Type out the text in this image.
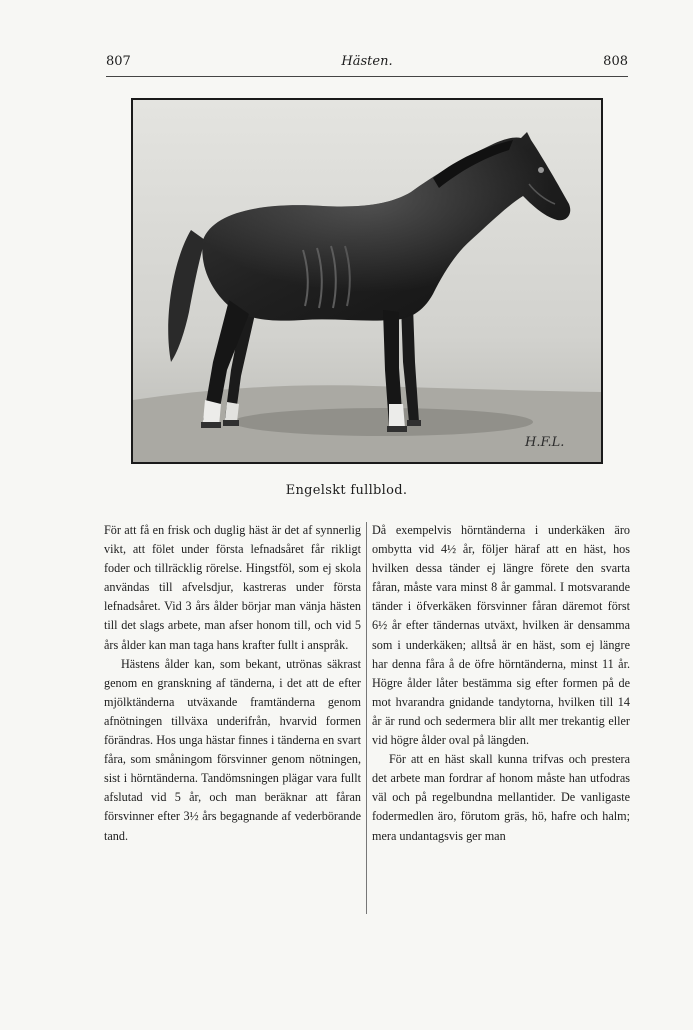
807	Hästen.	808
H.F.L.
Engelskt fullblod.

För att få en frisk och duglig häst är det af synnerlig vikt, att fölet under första lefnadsåret får rikligt foder och tillräcklig rörelse. Hingstföl, som ej skola användas till afvelsdjur, kastreras under första lefnadsåret. Vid 3 års ålder börjar man vänja hästen till det slags arbete, man afser honom till, och vid 5 års ålder kan man taga hans krafter fullt i anspråk.

Hästens ålder kan, som bekant, utrönas säkrast genom en granskning af tänderna, i det att de efter mjölktänderna utväxande framtänderna genom afnötningen tillväxa underifrån, hvarvid formen förändras. Hos unga hästar finnes i tänderna en svart fåra, som småningom försvinner genom nötningen, sist i hörntänderna. Tandömsningen plägar vara fullt afslutad vid 5 år, och man beräknar att fåran försvinner efter 3½ års begagnande af vederbörande tand.

Då exempelvis hörntänderna i underkäken äro ombytta vid 4½ år, följer häraf att en häst, hos hvilken dessa tänder ej längre förete den svarta fåran, måste vara minst 8 år gammal. I motsvarande tänder i öfverkäken försvinner fåran däremot först 6½ år efter tändernas utväxt, hvilken är densamma som i underkäken; alltså är en häst, som ej längre har denna fåra å de öfre hörntänderna, minst 11 år. Högre ålder låter bestämma sig efter formen på de mot hvarandra gnidande tandytorna, hvilken till 14 år är rund och sedermera blir allt mer trekantig eller vid högre ålder oval på längden.

För att en häst skall kunna trifvas och prestera det arbete man fordrar af honom måste han utfodras väl och på regelbundna mellantider. De vanligaste fodermedlen äro, förutom gräs, hö, hafre och halm; mera undantagsvis ger man
